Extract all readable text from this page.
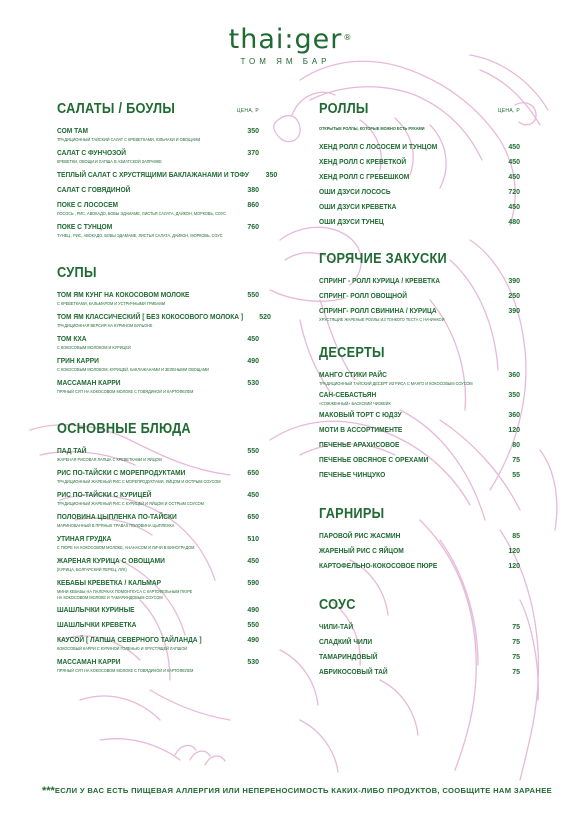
thai:ger ®
ТОМ ЯМ БАР
САЛАТЫ / БОУЛЫ	ЦЕНА, Р
СОМ ТАМ	350
ТРАДИЦИОННЫЙ ТАЙСКИЙ САЛАТ С КРЕВЕТКАМИ, ЮЛЬЧАКИ И ОВОЩАМИ
САЛАТ С ФУНЧОЗОЙ	370
КРЕВЕТКИ, ОВОЩИ И ЛАПША В АЗИАТСКОЙ ЗАПРАВКЕ
ТЕПЛЫЙ САЛАТ С ХРУСТЯЩИМИ БАКЛАЖАНАМИ И ТОФУ 350
САЛАТ С ГОВЯДИНОЙ	380
ПОКЕ С ЛОСОСЕМ	860
ЛОСОСЬ , РИС, АВОКАДО, БОБЫ ЭДАМАМЕ, ЛИСТЬЯ САЛАТА, ДАЙКОН, МОРКОВЬ, СОУС
ПОКЕ С ТУНЦОМ	760
ТУНЕЦ , РИС, АВОКАДО, БОБЫ ЭДАМАМЕ, ЛИСТЬЯ САЛАТА, ДАЙКОН, МОРКОВЬ, СОУС
СУПЫ
ТОМ ЯМ КУНГ НА КОКОСОВОМ МОЛОКЕ	550
С КРЕВЕТКАМИ, КАЛЬМАРОМ И УСТРИЧНЫМИ ГРИБАМИ
ТОМ ЯМ КЛАССИЧЕСКИЙ [ БЕЗ КОКОСОВОГО МОЛОКА ] 520
ТРАДИЦИОННАЯ ВЕРСИЯ НА КУРИНОМ БУЛЬОНЕ
ТОМ КХА	450
С КОКОСОВЫМ МОЛОКОМ И КУРИЦЕЙ
ГРИН КАРРИ	490
С КОКОСОВЫМ МОЛОКОМ, КУРИЦЕЙ, БАКЛАЖАНАМИ И ЗЕЛЕНЫМИ ОВОЩАМИ
МАССАМАН КАРРИ	530
ПРЯНЫЙ СУП НА КОКОСОВОМ МОЛОКЕ С ГОВЯДИНОЙ И КАРТОФЕЛЕМ
ОСНОВНЫЕ БЛЮДА
ПАД ТАЙ	550
ЖАРЕНАЯ РИСОВАЯ ЛАПША С КРЕВЕТКАМИ И ЯЙЦОМ
РИС ПО-ТАЙСКИ С МОРЕПРОДУКТАМИ	650
ТРАДИЦИОННЫЙ ЖАРЕНЫЙ РИС С МОРЕПРОДУКТАМИ, ЯЙЦОМ И ОСТРЫМ СОУСОМ
РИС ПО-ТАЙСКИ С КУРИЦЕЙ	450
ТРАДИЦИОННЫЙ ЖАРЕНЫЙ РИС С КУРИЦЕЙ И ЯЙЦОМ И ОСТРЫМ СОУСОМ
ПОЛОВИНА ЦЫПЛЕНКА ПО-ТАЙСКИ	650
МАРИНОВАННЫЙ В ПРЯНЫХ ТРАВАХ ПОЛОВИНА ЦЫПЛЕНКА
УТИНАЯ ГРУДКА	510
С ПЮРЕ НА КОКОСОВОМ МОЛОКЕ, АНАНАСОМ И ЛИЧИ В ВИНОГРАДОМ
ЖАРЕНАЯ КУРИЦА С ОВОЩАМИ	450
(КУРИЦА, БОЛГАРСКИЙ ПЕРЕЦ, ЛУК)
КЕБАБЫ КРЕВЕТКА / КАЛЬМАР	590
МИНИ КЕБАБЫ НА ПАЛОЧКАХ ПОМОНГКУСА С КАРТОФЕЛЬНЫМ ПЮРЕ
НА КОКОСОВОМ МОЛОКЕ И ТАМАРИНДОВЫМ СОУСОМ
ШАШЛЫЧКИ КУРИНЫЕ	490
ШАШЛЫЧКИ КРЕВЕТКА	550
КАУСОЙ [ ЛАПША СЕВЕРНОГО ТАЙЛАНДА ]	490
КОКОСОВЫЙ КАРРИ С КУРИНОЙ ГОЛЕНЬЮ И ХРУСТЯЩЕЙ ЛАПШОЙ
МАССАМАН КАРРИ	530
ПРЯНЫЙ СУП НА КОКОСОВОМ МОЛОКЕ С ГОВЯДИНОЙ И КАРТОФЕЛЕМ
РОЛЛЫ	ЦЕНА, Р
ОТКРЫТЫЕ РОЛЛЫ, КОТОРЫЕ МОЖНО ЕСТЬ РУКАМИ
ХЕНД РОЛЛ С ЛОСОСЕМ И ТУНЦОМ	450
ХЕНД РОЛЛ С КРЕВЕТКОЙ	450
ХЕНД РОЛЛ С ГРЕБЕШКОМ	450
ОШИ ДЗУСИ ЛОСОСЬ	720
ОШИ ДЗУСИ КРЕВЕТКА	450
ОШИ ДЗУСИ ТУНЕЦ	480
ГОРЯЧИЕ ЗАКУСКИ
СПРИНГ - РОЛЛ КУРИЦА / КРЕВЕТКА	390
СПРИНГ- РОЛЛ ОВОЩНОЙ	250
СПРИНГ- РОЛЛ СВИНИНА / КУРИЦА	390
ХРУСТЯЩИЕ ЖАРЕНЫЕ РОЛЛЫ ИЗ ТОНКОГО ТЕСТА С НАЧИНКОЙ
ДЕСЕРТЫ
МАНГО СТИКИ РАЙС	360
ТРАДИЦИОННЫЙ ТАЙСКИЙ ДЕСЕРТ ИЗ РИСА С МАНГО И КОКОСОВЫМ СОУСОМ
САН-СЕБАСТЬЯН	350
«СОЖЖЕННЫЙ» БАСКСКИЙ ЧИЗКЕЙК
МАКОВЫЙ ТОРТ С ЮДЗУ	360
МОТИ В АССОРТИМЕНТЕ	120
ПЕЧЕНЬЕ АРАХИСОВОЕ	80
ПЕЧЕНЬЕ ОВСЯНОЕ С ОРЕХАМИ	75
ПЕЧЕНЬЕ ЧИНЦУКО	55
ГАРНИРЫ
ПАРОВОЙ РИС ЖАСМИН	85
ЖАРЕНЫЙ РИС С ЯЙЦОМ	120
КАРТОФЕЛЬНО-КОКОСОВОЕ ПЮРЕ	120
СОУС
ЧИЛИ-ТАЙ	75
СЛАДКИЙ ЧИЛИ	75
ТАМАРИНДОВЫЙ	75
АБРИКОСОВЫЙ ТАЙ	75
***ЕСЛИ У ВАС ЕСТЬ ПИЩЕВАЯ АЛЛЕРГИЯ ИЛИ НЕПЕРЕНОСИМОСТЬ КАКИХ-ЛИБО ПРОДУКТОВ, СООБЩИТЕ НАМ ЗАРАНЕЕ
